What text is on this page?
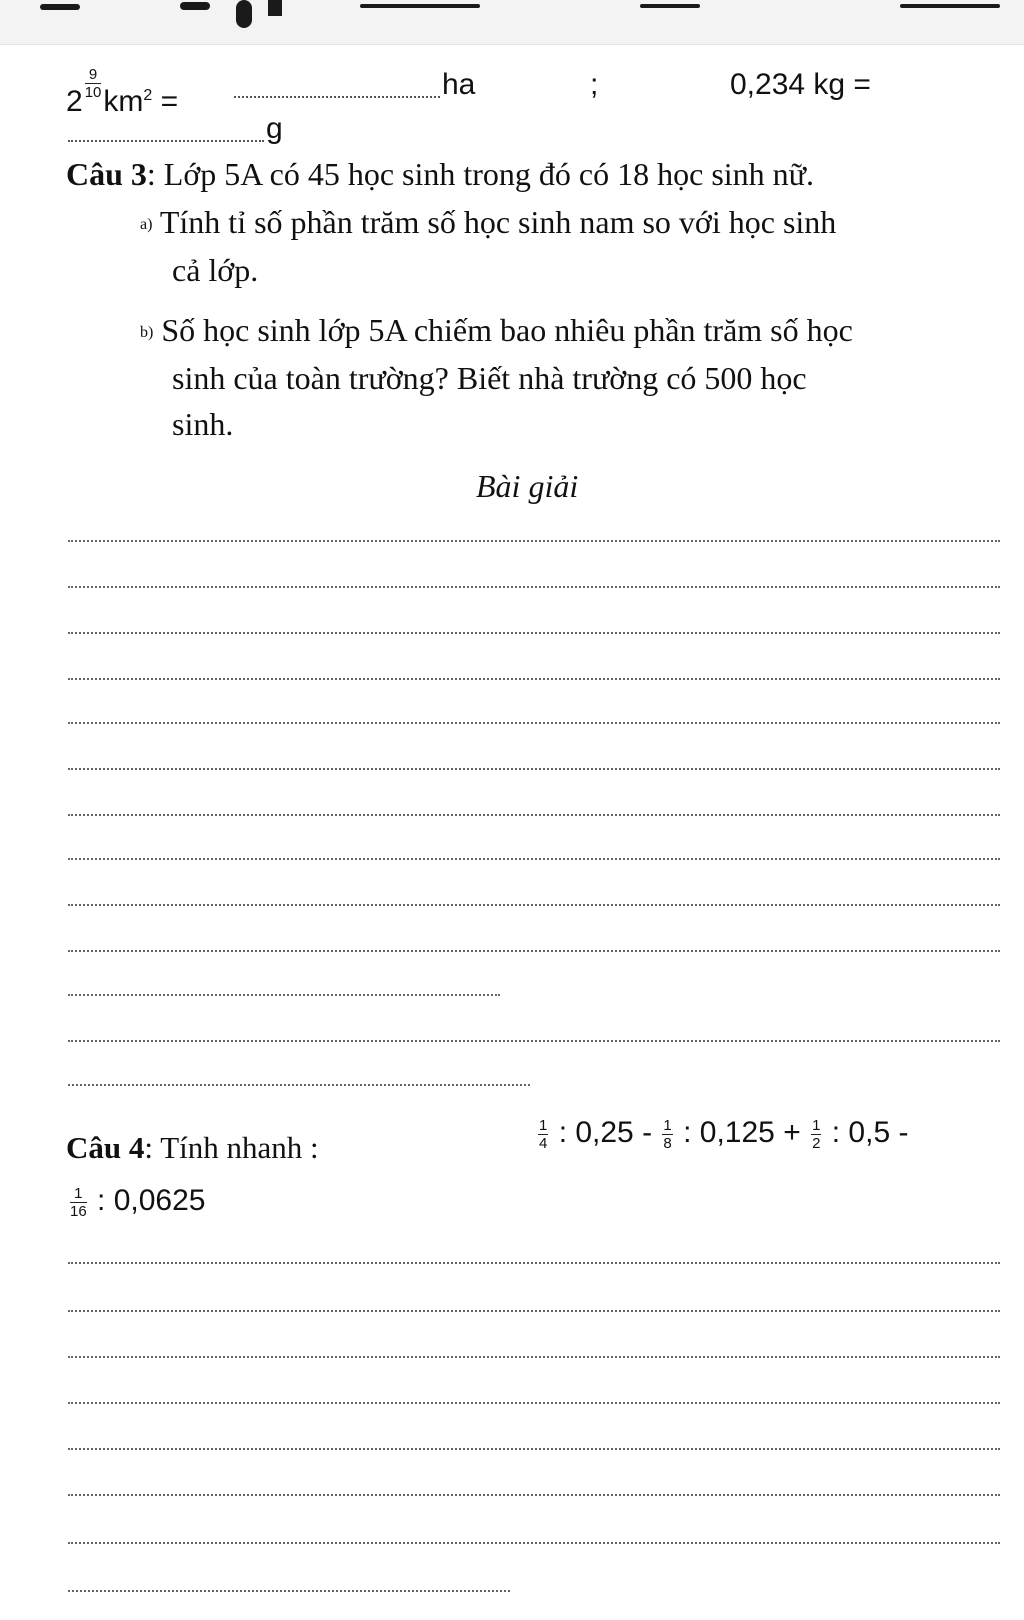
2
$\frac{9}{10}$
$km^2$ =
ha	;	0,234 kg =
g
Câu 3: Lớp 5A có 45 học sinh trong đó có 18 học sinh nữ.
a) Tính tỉ số phần trăm số học sinh nam so với học sinh
cả lớp.
b) Số học sinh lớp 5A chiếm bao nhiêu phần trăm số học
sinh của toàn trường? Biết nhà trường có 500 học
sinh.
Bài giải
Câu 4: Tính nhanh :	$\frac{1}{4}$ : $0,25 - \frac{1}{8}$ : $0,125 + \frac{1}{2}$ : 0,5 -
$\frac{1}{16}$ : 0,0625
